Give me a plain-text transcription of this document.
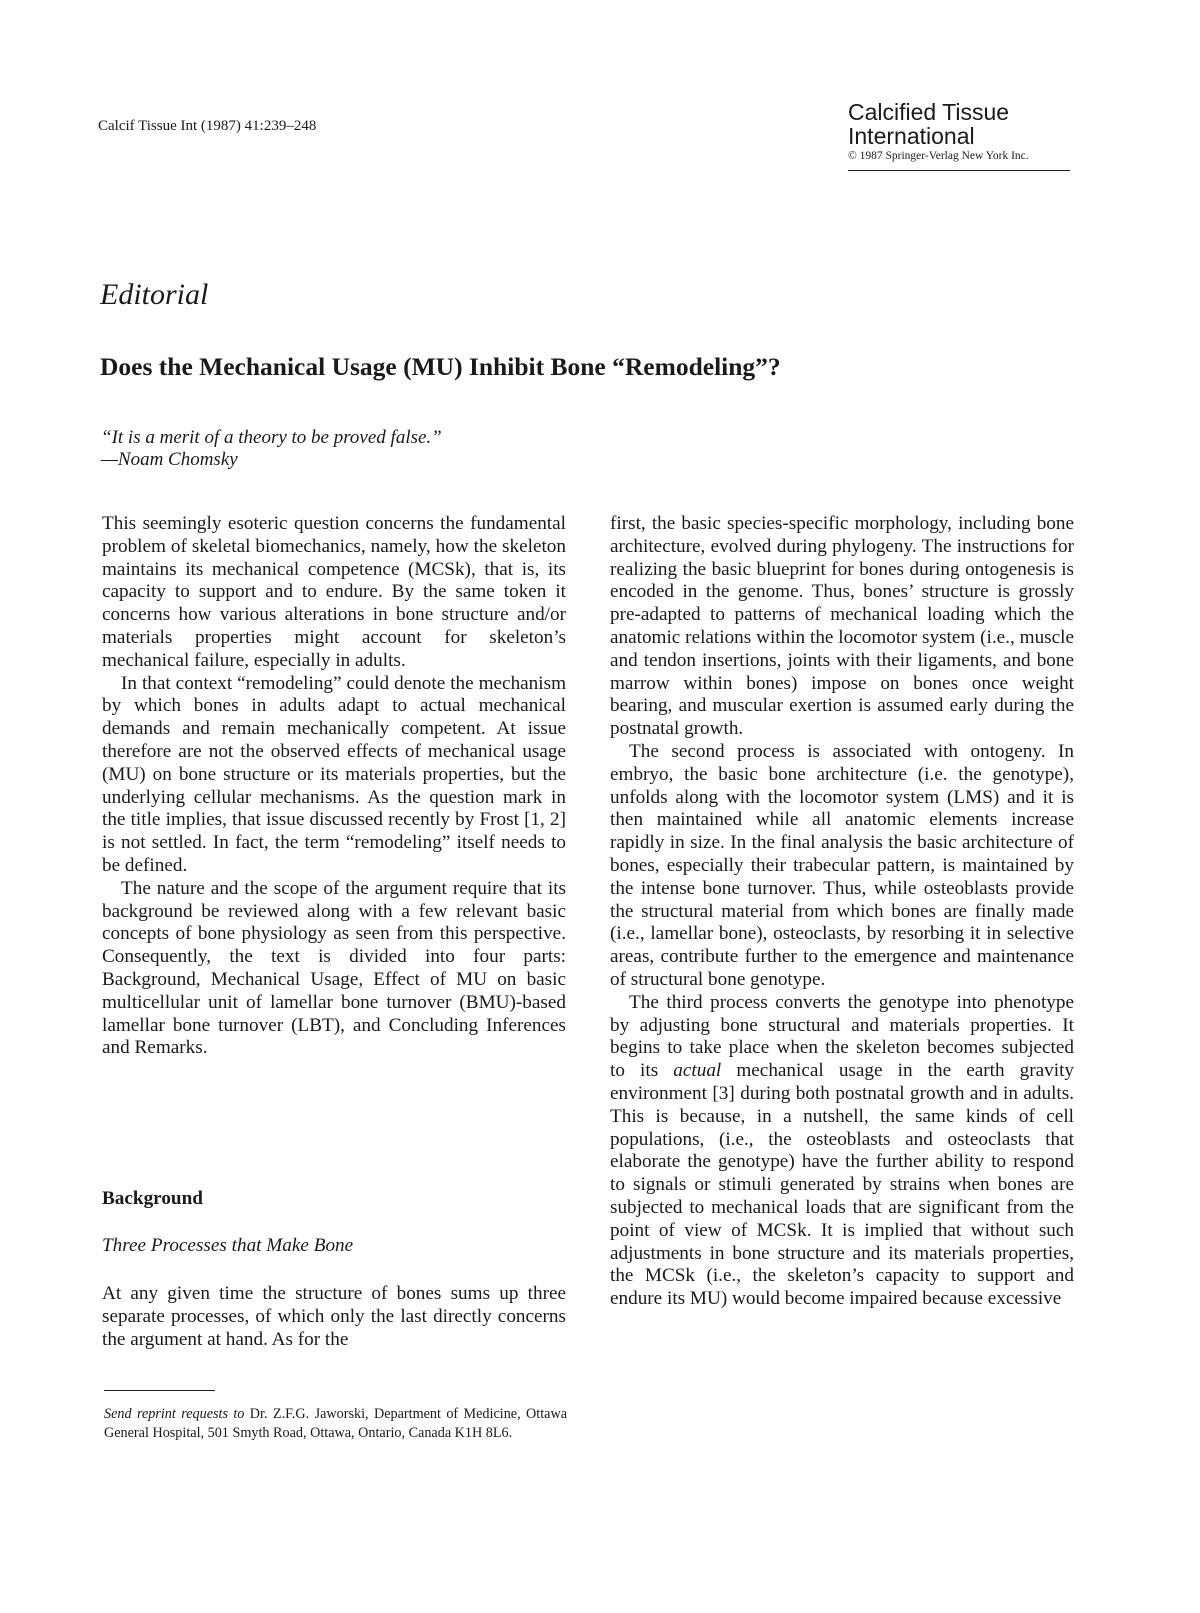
Calcif Tissue Int (1987) 41:239–248
Calcified Tissue International
© 1987 Springer-Verlag New York Inc.
Editorial
Does the Mechanical Usage (MU) Inhibit Bone “Remodeling”?
“It is a merit of a theory to be proved false.”
—Noam Chomsky

This seemingly esoteric question concerns the fundamental problem of skeletal biomechanics, namely, how the skeleton maintains its mechanical competence (MCSk), that is, its capacity to support and to endure. By the same token it concerns how various alterations in bone structure and/or materials properties might account for skeleton’s mechanical failure, especially in adults.

In that context “remodeling” could denote the mechanism by which bones in adults adapt to actual mechanical demands and remain mechanically competent. At issue therefore are not the observed effects of mechanical usage (MU) on bone structure or its materials properties, but the underlying cellular mechanisms. As the question mark in the title implies, that issue discussed recently by Frost [1, 2] is not settled. In fact, the term “remodeling” itself needs to be defined.

The nature and the scope of the argument require that its background be reviewed along with a few relevant basic concepts of bone physiology as seen from this perspective. Consequently, the text is divided into four parts: Background, Mechanical Usage, Effect of MU on basic multicellular unit of lamellar bone turnover (BMU)-based lamellar bone turnover (LBT), and Concluding Inferences and Remarks.

Background
Three Processes that Make Bone

At any given time the structure of bones sums up three separate processes, of which only the last directly concerns the argument at hand. As for the

Send reprint requests to Dr. Z.F.G. Jaworski, Department of Medicine, Ottawa General Hospital, 501 Smyth Road, Ottawa, Ontario, Canada K1H 8L6.

first, the basic species-specific morphology, including bone architecture, evolved during phylogeny. The instructions for realizing the basic blueprint for bones during ontogenesis is encoded in the genome. Thus, bones’ structure is grossly pre-adapted to patterns of mechanical loading which the anatomic relations within the locomotor system (i.e., muscle and tendon insertions, joints with their ligaments, and bone marrow within bones) impose on bones once weight bearing, and muscular exertion is assumed early during the postnatal growth.

The second process is associated with ontogeny. In embryo, the basic bone architecture (i.e. the genotype), unfolds along with the locomotor system (LMS) and it is then maintained while all anatomic elements increase rapidly in size. In the final analysis the basic architecture of bones, especially their trabecular pattern, is maintained by the intense bone turnover. Thus, while osteoblasts provide the structural material from which bones are finally made (i.e., lamellar bone), osteoclasts, by resorbing it in selective areas, contribute further to the emergence and maintenance of structural bone genotype.

The third process converts the genotype into phenotype by adjusting bone structural and materials properties. It begins to take place when the skeleton becomes subjected to its actual mechanical usage in the earth gravity environment [3] during both postnatal growth and in adults. This is because, in a nutshell, the same kinds of cell populations, (i.e., the osteoblasts and osteoclasts that elaborate the genotype) have the further ability to respond to signals or stimuli generated by strains when bones are subjected to mechanical loads that are significant from the point of view of MCSk. It is implied that without such adjustments in bone structure and its materials properties, the MCSk (i.e., the skeleton’s capacity to support and endure its MU) would become impaired because excessive
